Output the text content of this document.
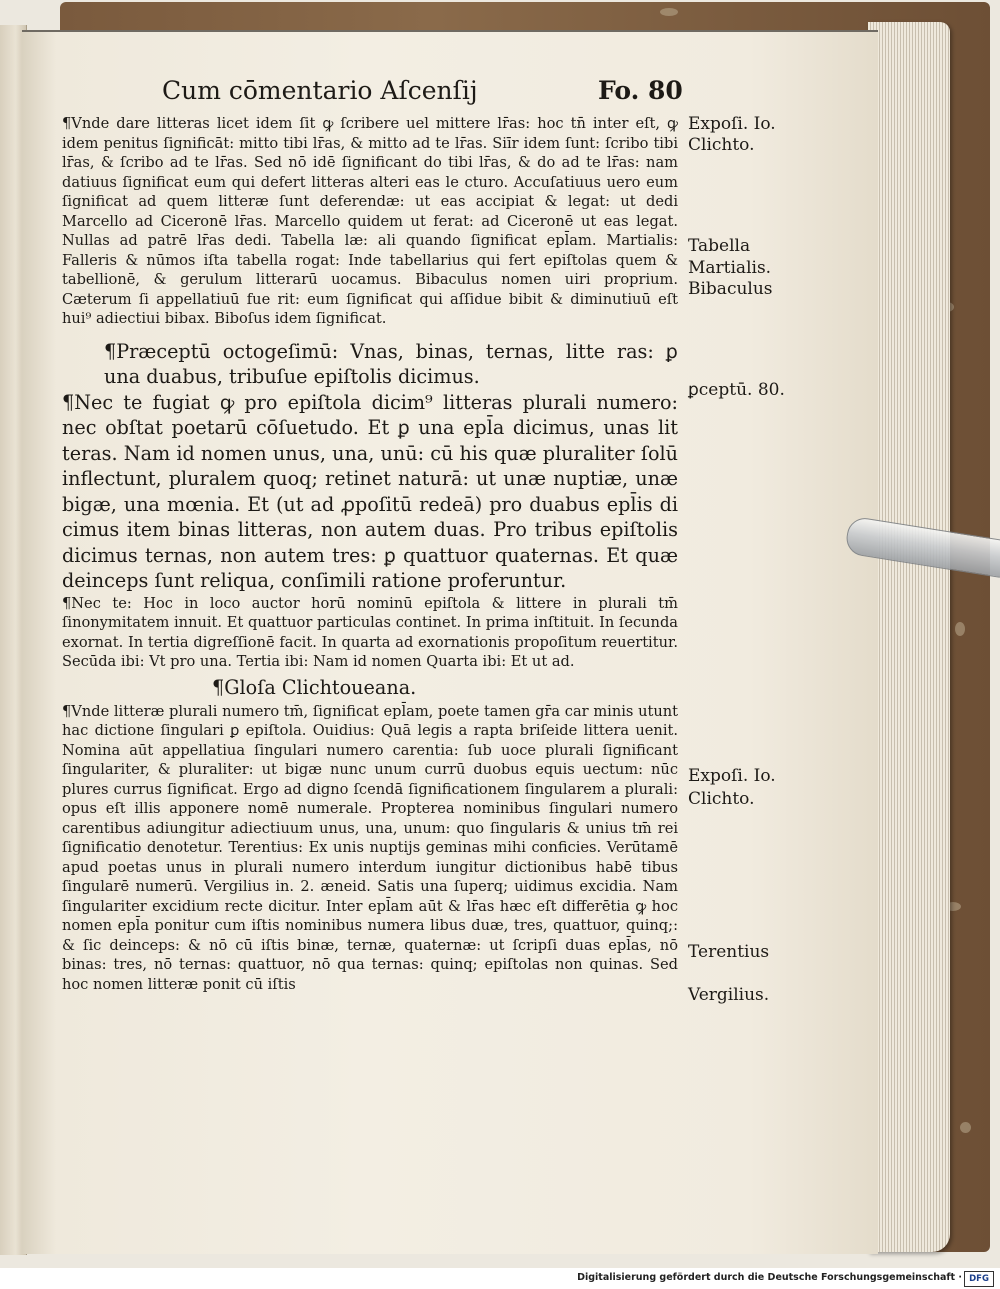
Cum cōmentario Aſcenſij	Fo. 80

¶Vnde dare litteras licet idem ſit ꝙ ſcribere uel mittere lr̄as: hoc tn̄ inter eſt, ꝙ idem penitus ſignificāt: mitto tibi lr̄as, & mitto ad te lr̄as. Siīr idem ſunt: ſcribo tibi lr̄as, & ſcribo ad te lr̄as. Sed nō idē ſignificant do tibi lr̄as, & do ad te lr̄as: nam datiuus ſignificat eum qui defert litteras alteri eas le cturo. Accuſatiuus uero eum ſignificat ad quem litteræ ſunt deferendæ: ut eas accipiat & legat: ut dedi Marcello ad Ciceronē lr̄as. Marcello quidem ut ferat: ad Ciceronē ut eas legat. Nullas ad patrē lr̄as dedi. Tabella læ: ali quando ſignificat epl̄am. Martialis: Falleris & nūmos iſta tabella rogat: Inde tabellarius qui fert epiſtolas quem & tabellionē, & gerulum litterarū uocamus. Bibaculus nomen uiri proprium. Cæterum ſi appellatiuū fue rit: eum ſignificat qui aſſidue bibit & diminutiuū eſt hui⁹ adiectiui bibax. Biboſus idem ſignificat.

¶Præceptū octogeſimū: Vnas, binas, ternas, litte ras: ꝑ una duabus, tribuſue epiſtolis dicimus.

¶Nec te fugiat ꝙ pro epiſtola dicim⁹ litteras plurali numero: nec obſtat poetarū cōſuetudo. Et ꝑ una epl̄a dicimus, unas lit teras. Nam id nomen unus, una, unū: cū his quæ pluraliter ſolū inflectunt, pluralem quoq; retinet naturā: ut unæ nuptiæ, unæ bigæ, una mœnia. Et (ut ad ꝓpoſitū redeā) pro duabus epl̄is di cimus item binas litteras, non autem duas. Pro tribus epiſtolis dicimus ternas, non autem tres: ꝑ quattuor quaternas. Et quæ deinceps ſunt reliqua, conſimili ratione proferuntur.

¶Nec te: Hoc in loco auctor horū nominū epiſtola & littere in plurali tm̄ ſinonymitatem innuit. Et quattuor particulas continet. In prima inſtituit. In ſecunda exornat. In tertia digreſſionē facit. In quarta ad exornationis propoſitum reuertitur. Secūda ibi: Vt pro una. Tertia ibi: Nam id nomen Quarta ibi: Et ut ad.

¶Gloſa Clichtoueana.

¶Vnde litteræ plurali numero tm̄, ſignificat epl̄am, poete tamen gr̄a car minis utunt hac dictione ſingulari ꝑ epiſtola. Ouidius: Quā legis a rapta briſeide littera uenit. Nomina aūt appellatiua ſingulari numero carentia: ſub uoce plurali ſignificant ſingulariter, & pluraliter: ut bigæ nunc unum currū duobus equis uectum: nūc plures currus ſignificat. Ergo ad digno ſcendā ſignificationem ſingularem a plurali: opus eſt illis apponere nomē numerale. Propterea nominibus ſingulari numero carentibus adiungitur adiectiuum unus, una, unum: quo ſingularis & unius tm̄ rei ſignificatio denotetur. Terentius: Ex unis nuptijs geminas mihi conficies. Verūtamē apud poetas unus in plurali numero interdum iungitur dictionibus habē tibus ſingularē numerū. Vergilius in. 2. æneid. Satis una ſuperq; uidimus excidia. Nam ſingulariter excidium recte dicitur. Inter epl̄am aūt & lr̄as hæc eſt differētia ꝙ hoc nomen epl̄a ponitur cum iſtis nominibus numera libus duæ, tres, quattuor, quinq;: & ſic deinceps: & nō cū iſtis binæ, ternæ, quaternæ: ut ſcripſi duas epl̄as, nō binas: tres, nō ternas: quattuor, nō qua ternas: quinq; epiſtolas non quinas. Sed hoc nomen litteræ ponit cū iſtis

Expoſi. Io.
Clichto.
Tabella
Martialis.
Bibaculus
ꝑceptū. 80.
Expoſi. Io.
Clichto.
Terentius
Vergilius.
Digitalisierung gefördert durch die Deutsche Forschungsgemeinschaft · DFG
